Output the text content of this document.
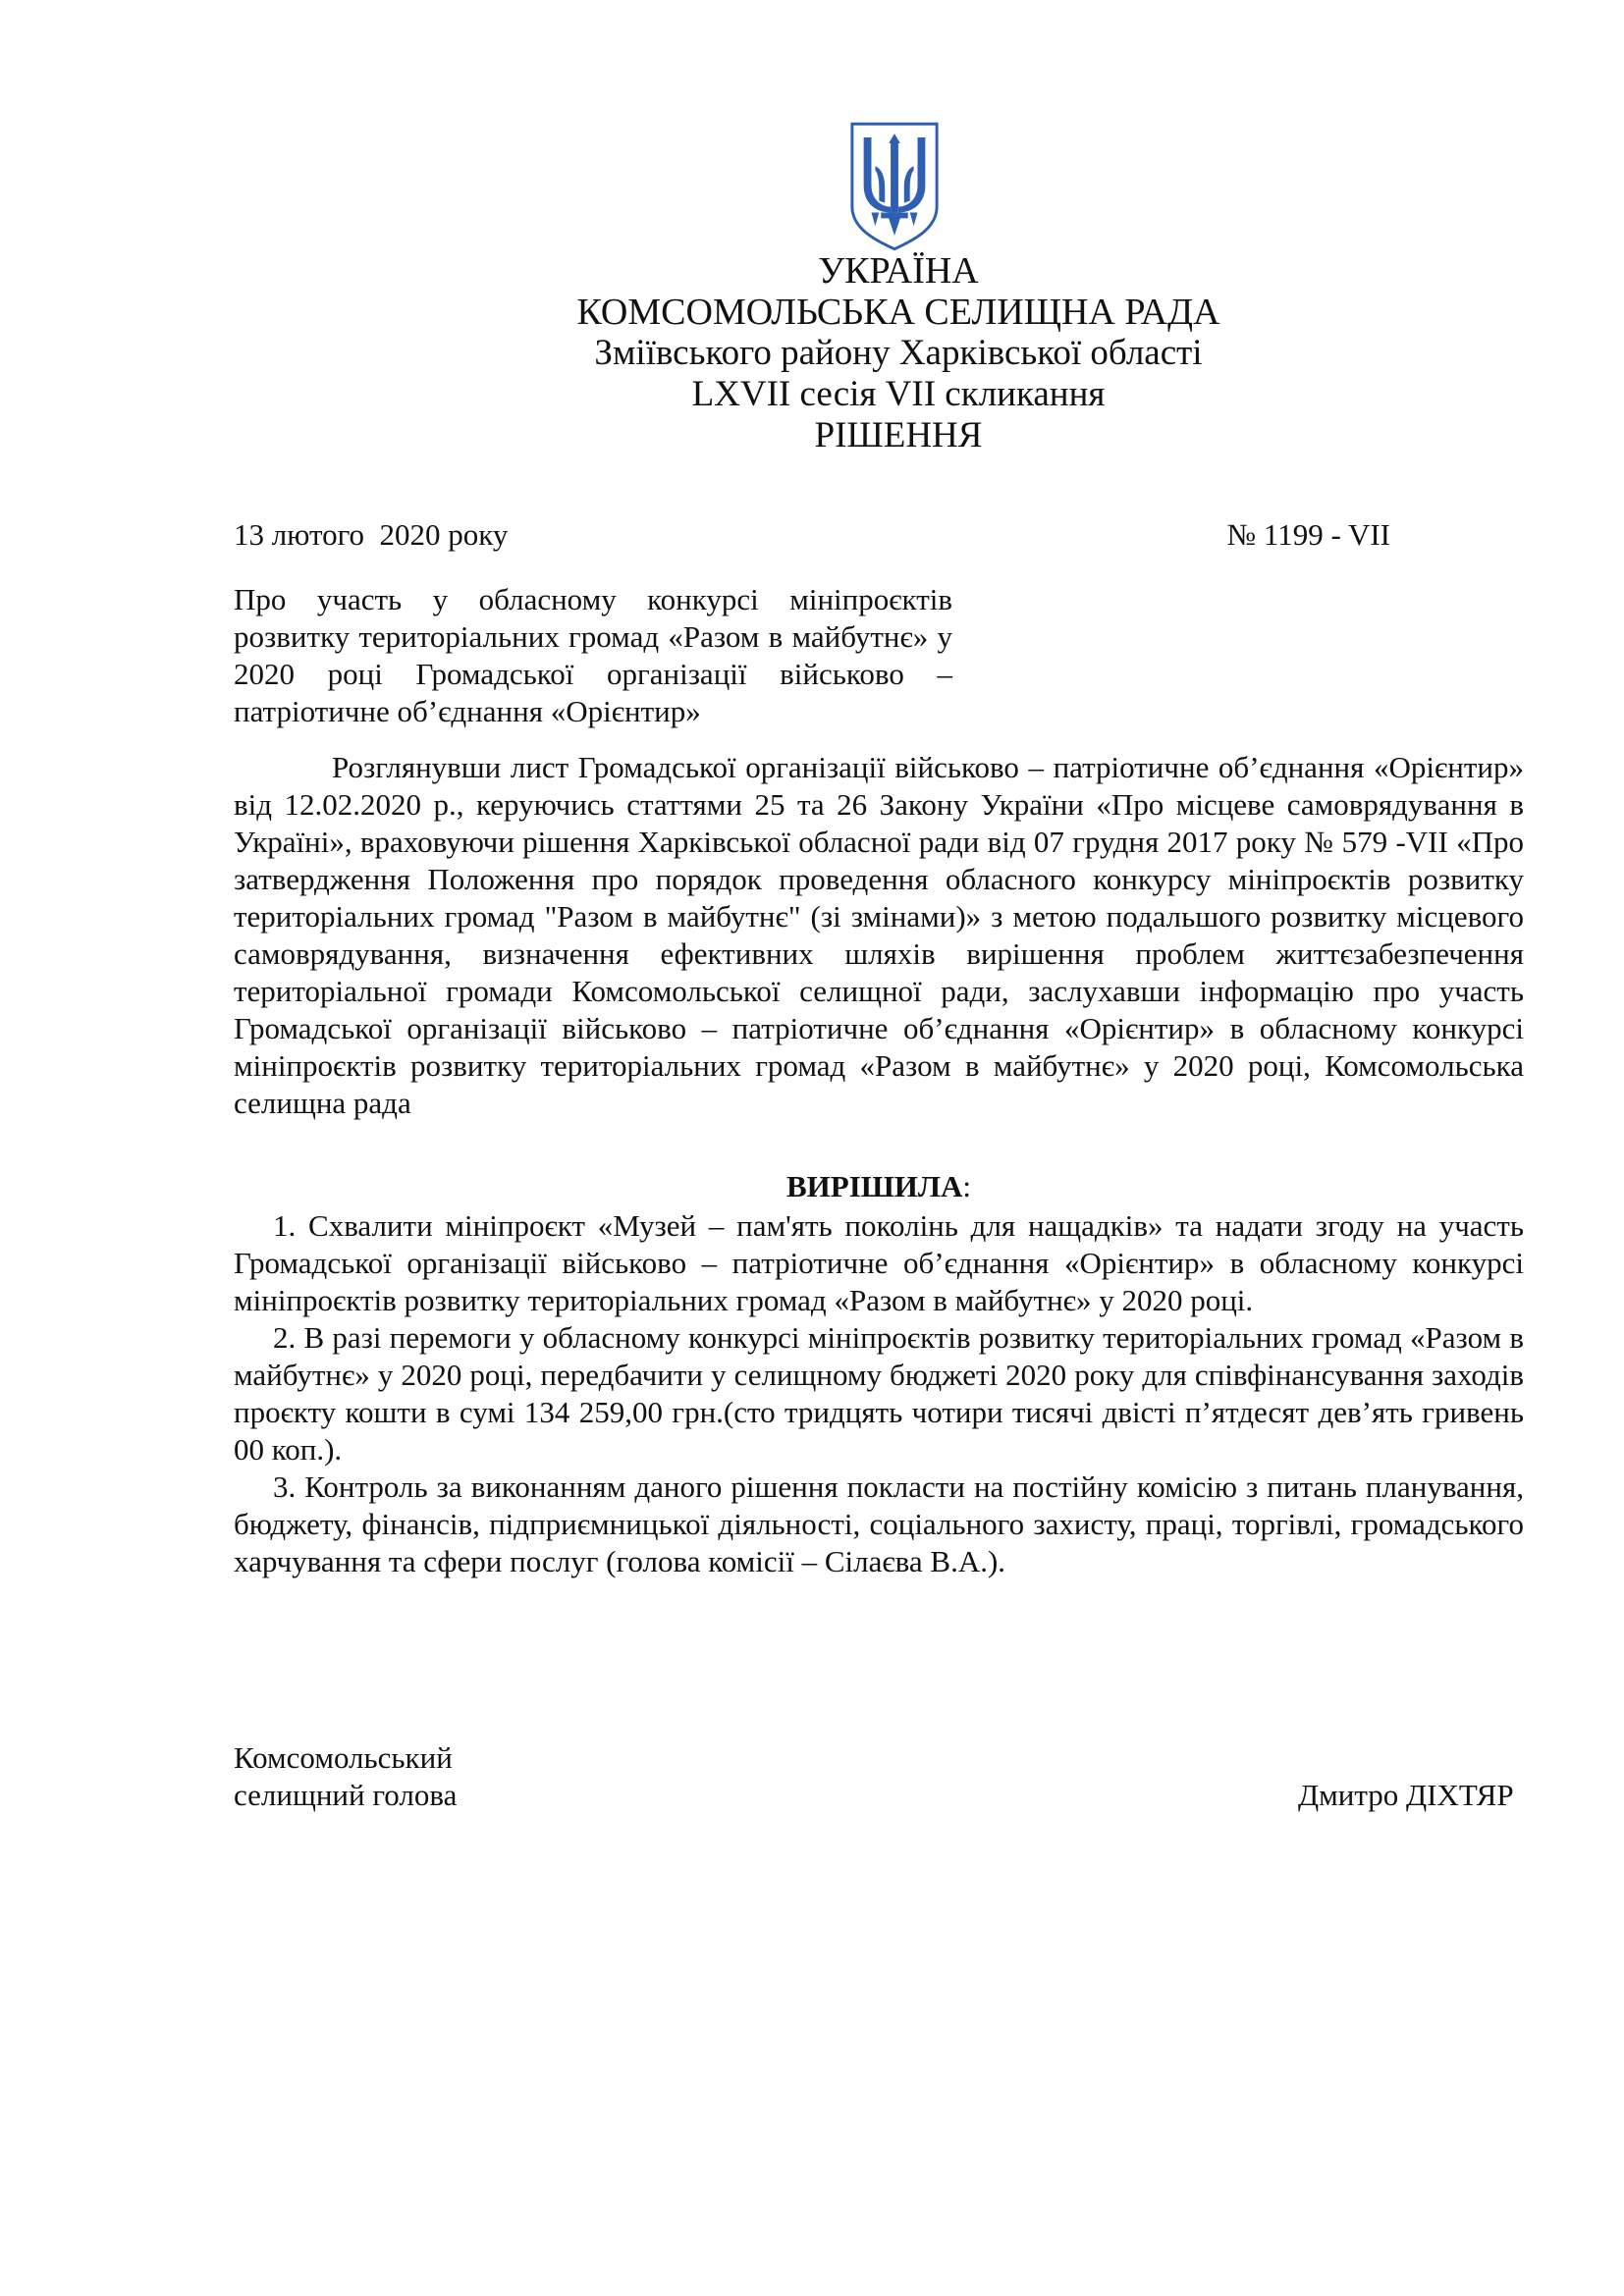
УКРАЇНА
КОМСОМОЛЬСЬКА СЕЛИЩНА РАДА
Зміївського району Харківської області
LXVII сесія VII скликання
РІШЕННЯ
13 лютого  2020 року	№ 1199 - VII
Про участь у обласному конкурсі мініпроєктів розвитку територіальних громад «Разом в майбутнє» у 2020 році Громадської організації військово – патріотичне об’єднання «Орієнтир»
Розглянувши лист Громадської організації військово – патріотичне об’єднання «Орієнтир» від 12.02.2020 р., керуючись статтями 25 та 26 Закону України «Про місцеве самоврядування в Україні», враховуючи рішення Харківської обласної ради від 07 грудня 2017 року № 579 -VII «Про затвердження Положення про порядок проведення обласного конкурсу мініпроєктів розвитку територіальних громад "Разом в майбутнє" (зі змінами)» з метою подальшого розвитку місцевого самоврядування, визначення ефективних шляхів вирішення проблем життєзабезпечення територіальної громади Комсомольської селищної ради, заслухавши інформацію про участь Громадської організації військово – патріотичне об’єднання «Орієнтир» в обласному конкурсі мініпроєктів розвитку територіальних громад «Разом в майбутнє» у 2020 році, Комсомольська селищна рада
ВИРІШИЛА:

1. Схвалити мініпроєкт «Музей – пам'ять поколінь для нащадків» та надати згоду на участь Громадської організації військово – патріотичне об’єднання «Орієнтир» в обласному конкурсі мініпроєктів розвитку територіальних громад «Разом в майбутнє» у 2020 році.

2. В разі перемоги у обласному конкурсі мініпроєктів розвитку територіальних громад «Разом в майбутнє» у 2020 році, передбачити у селищному бюджеті 2020 року для співфінансування заходів проєкту кошти в сумі 134 259,00 грн.(сто тридцять чотири тисячі двісті п’ятдесят дев’ять гривень 00 коп.).

3. Контроль за виконанням даного рішення покласти на постійну комісію з питань планування, бюджету, фінансів, підприємницької діяльності, соціального захисту, праці, торгівлі, громадського харчування та сфери послуг (голова комісії – Сілаєва В.А.).

Комсомольський
селищний голова	Дмитро ДІХТЯР
